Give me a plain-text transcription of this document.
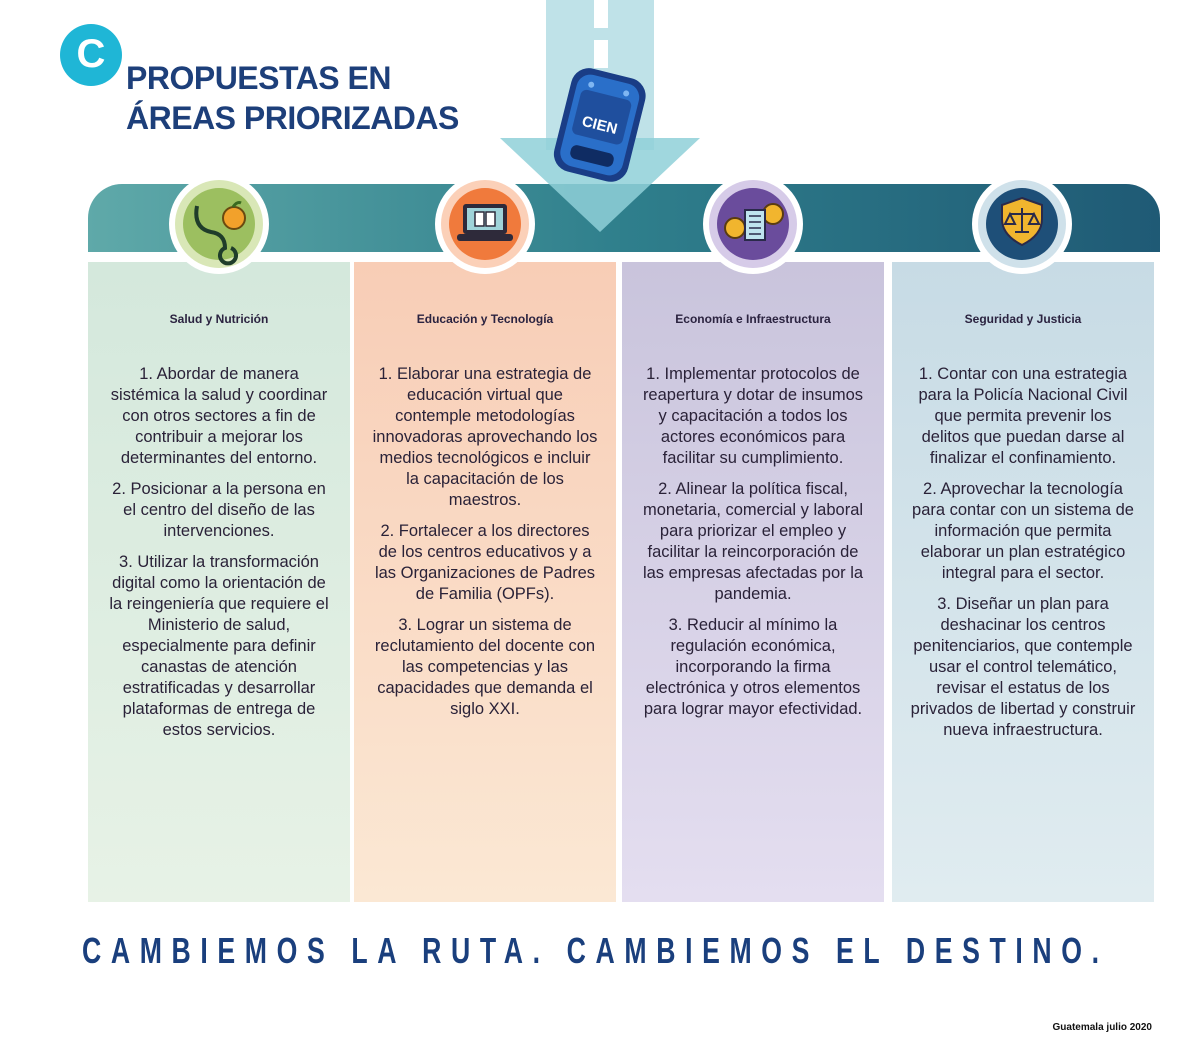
C
PROPUESTAS EN
ÁREAS PRIORIZADAS	CIEN
Salud y Nutrición

1. Abordar de manera sistémica la salud y coordinar con otros sectores a fin de contribuir a mejorar los determinantes del entorno.

2. Posicionar a la persona en el centro del diseño de las intervenciones.

3. Utilizar la transformación digital como la orientación de la reingeniería que requiere el Ministerio de salud, especialmente para definir canastas de atención estratificadas y desarrollar plataformas de entrega de estos servicios.

Educación y Tecnología

1. Elaborar una estrategia de educación virtual que contemple metodologías innovadoras aprovechando los medios tecnológicos e incluir la capacitación de los maestros.

2. Fortalecer a los directores de los centros educativos y a las Organizaciones de Padres de Familia (OPFs).

3. Lograr un sistema de reclutamiento del docente con las competencias y las capacidades que demanda el siglo XXI.

Economía e Infraestructura

1. Implementar protocolos de reapertura y dotar de insumos y capacitación a todos los actores económicos para facilitar su cumplimiento.

2. Alinear la política fiscal, monetaria, comercial y laboral para priorizar el empleo y facilitar la reincorporación de las empresas afectadas por la pandemia.

3. Reducir al mínimo la regulación económica, incorporando la firma electrónica y otros elementos para lograr mayor efectividad.

Seguridad y Justicia

1. Contar con una estrategia para la Policía Nacional Civil que permita prevenir los delitos que puedan darse al finalizar el confinamiento.

2. Aprovechar la tecnología para contar con un sistema de información que permita elaborar un plan estratégico integral para el sector.

3. Diseñar un plan para deshacinar los centros penitenciarios, que contemple usar el control telemático, revisar el estatus de los privados de libertad y construir nueva infraestructura.

CAMBIEMOS LA RUTA. CAMBIEMOS EL DESTINO.
Guatemala julio 2020
